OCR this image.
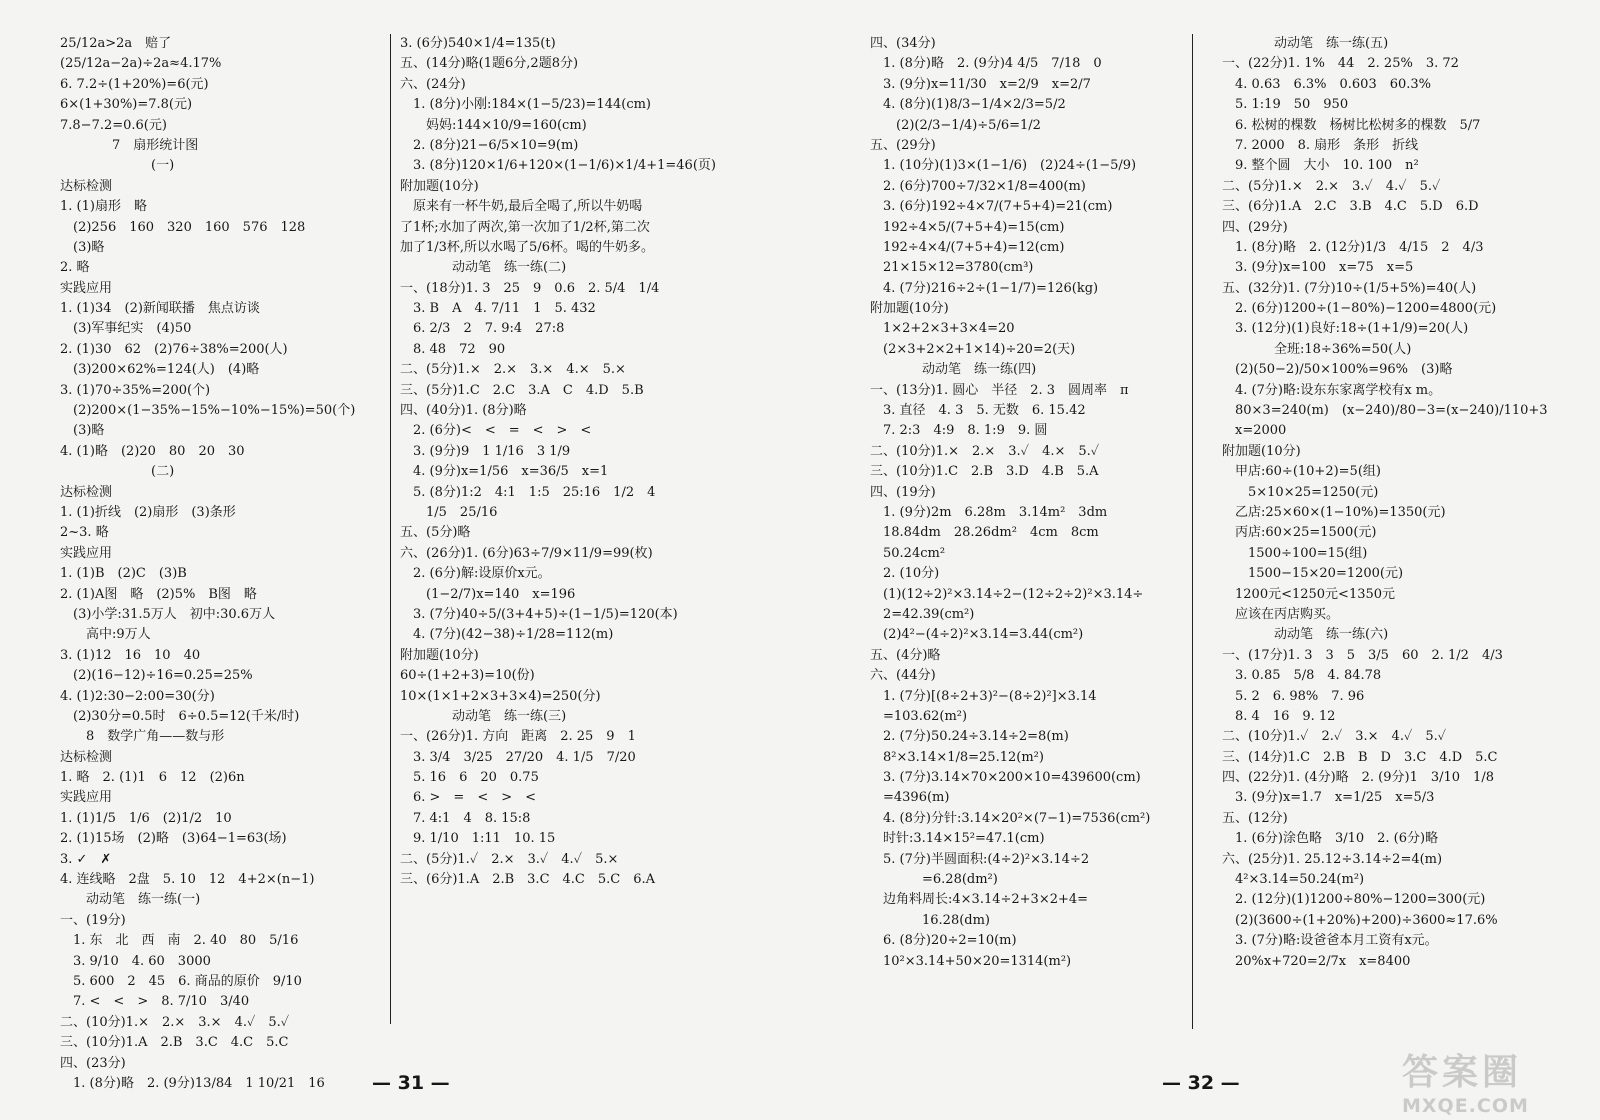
25/12a>2a　赔了
(25/12a−2a)÷2a≈4.17%
6. 7.2÷(1+20%)=6(元)
6×(1+30%)=7.8(元)
7.8−7.2=0.6(元)
　　　　7　扇形统计图
　　　　　　　(一)
达标检测
1. (1)扇形　略
　(2)256　160　320　160　576　128
　(3)略
2. 略
实践应用
1. (1)34　(2)新闻联播　焦点访谈
　(3)军事纪实　(4)50
2. (1)30　62　(2)76÷38%=200(人)
　(3)200×62%=124(人)　(4)略
3. (1)70÷35%=200(个)
　(2)200×(1−35%−15%−10%−15%)=50(个)
　(3)略
4. (1)略　(2)20　80　20　30
　　　　　　　(二)
达标检测
1. (1)折线　(2)扇形　(3)条形
2~3. 略
实践应用
1. (1)B　(2)C　(3)B
2. (1)A图　略　(2)5%　B图　略
　(3)小学:31.5万人　初中:30.6万人
　　高中:9万人
3. (1)12　16　10　40
　(2)(16−12)÷16=0.25=25%
4. (1)2:30−2:00=30(分)
　(2)30分=0.5时　6÷0.5=12(千米/时)
　　8　数学广角——数与形
达标检测
1. 略　2. (1)1　6　12　(2)6n
实践应用
1. (1)1/5　1/6　(2)1/2　10
2. (1)15场　(2)略　(3)64−1=63(场)
3. ✓　✗
4. 连线略　2盘　5. 10　12　4+2×(n−1)
　　动动笔　练一练(一)
一、(19分)
　1. 东　北　西　南　2. 40　80　5/16
　3. 9/10　4. 60　3000
　5. 600　2　45　6. 商品的原价　9/10
　7. <　<　>　8. 7/10　3/40
二、(10分)1.×　2.×　3.×　4.✓　5.✓
三、(10分)1.A　2.B　3.C　4.C　5.C
四、(23分)
　1. (8分)略　2. (9分)13/84　1 10/21　16
3. (6分)540×1/4=135(t)
五、(14分)略(1题6分,2题8分)
六、(24分)
　1. (8分)小刚:184×(1−5/23)=144(cm)
　　妈妈:144×10/9=160(cm)
　2. (8分)21−6/5×10=9(m)
　3. (8分)120×1/6+120×(1−1/6)×1/4+1=46(页)
附加题(10分)
　原来有一杯牛奶,最后全喝了,所以牛奶喝
了1杯;水加了两次,第一次加了1/2杯,第二次
加了1/3杯,所以水喝了5/6杯。喝的牛奶多。
　　　　动动笔　练一练(二)
一、(18分)1. 3　25　9　0.6　2. 5/4　1/4
　3. B　A　4. 7/11　1　5. 432
　6. 2/3　2　7. 9:4　27:8
　8. 48　72　90
二、(5分)1.×　2.×　3.×　4.×　5.×
三、(5分)1.C　2.C　3.A　C　4.D　5.B
四、(40分)1. (8分)略
　2. (6分)<　<　=　<　>　<
　3. (9分)9　1 1/16　3 1/9
　4. (9分)x=1/56　x=36/5　x=1
　5. (8分)1:2　4:1　1:5　25:16　1/2　4
　　1/5　25/16
五、(5分)略
六、(26分)1. (6分)63÷7/9×11/9=99(枚)
　2. (6分)解:设原价x元。
　　(1−2/7)x=140　x=196
　3. (7分)40÷5/(3+4+5)÷(1−1/5)=120(本)
　4. (7分)(42−38)÷1/28=112(m)
附加题(10分)
60÷(1+2+3)=10(份)
10×(1×1+2×3+3×4)=250(分)
　　　　动动笔　练一练(三)
一、(26分)1. 方向　距离　2. 25　9　1
　3. 3/4　3/25　27/20　4. 1/5　7/20
　5. 16　6　20　0.75
　6. >　=　<　>　<
　7. 4:1　4　8. 15:8
　9. 1/10　1:11　10. 15
二、(5分)1.✓　2.×　3.✓　4.✓　5.×
三、(6分)1.A　2.B　3.C　4.C　5.C　6.A
— 31 —
四、(34分)
　1. (8分)略　2. (9分)4 4/5　7/18　0
　3. (9分)x=11/30　x=2/9　x=2/7
　4. (8分)(1)8/3−1/4×2/3=5/2
　　(2)(2/3−1/4)÷5/6=1/2
五、(29分)
　1. (10分)(1)3×(1−1/6)　(2)24÷(1−5/9)
　2. (6分)700÷7/32×1/8=400(m)
　3. (6分)192÷4×7/(7+5+4)=21(cm)
　192÷4×5/(7+5+4)=15(cm)
　192÷4×4/(7+5+4)=12(cm)
　21×15×12=3780(cm³)
　4. (7分)216÷2÷(1−1/7)=126(kg)
附加题(10分)
　1×2+2×3+3×4=20
　(2×3+2×2+1×14)÷20=2(天)
　　　　动动笔　练一练(四)
一、(13分)1. 圆心　半径　2. 3　圆周率　π
　3. 直径　4. 3　5. 无数　6. 15.42
　7. 2:3　4:9　8. 1:9　9. 圆
二、(10分)1.×　2.×　3.✓　4.×　5.✓
三、(10分)1.C　2.B　3.D　4.B　5.A
四、(19分)
　1. (9分)2m　6.28m　3.14m²　3dm
　18.84dm　28.26dm²　4cm　8cm
　50.24cm²
　2. (10分)
　(1)(12÷2)²×3.14÷2−(12÷2÷2)²×3.14÷
　2=42.39(cm²)
　(2)4²−(4÷2)²×3.14=3.44(cm²)
五、(4分)略
六、(44分)
　1. (7分)[(8÷2+3)²−(8÷2)²]×3.14
　=103.62(m²)
　2. (7分)50.24÷3.14÷2=8(m)
　8²×3.14×1/8=25.12(m²)
　3. (7分)3.14×70×200×10=439600(cm)
　=4396(m)
　4. (8分)分针:3.14×20²×(7−1)=7536(cm²)
　时针:3.14×15²=47.1(cm)
　5. (7分)半圆面积:(4÷2)²×3.14÷2
　　　　=6.28(dm²)
　边角料周长:4×3.14÷2+3×2+4=
　　　　16.28(dm)
　6. (8分)20÷2=10(m)
　10²×3.14+50×20=1314(m²)
　　　　动动笔　练一练(五)
一、(22分)1. 1%　44　2. 25%　3. 72
　4. 0.63　6.3%　0.603　60.3%
　5. 1:19　50　950
　6. 松树的棵数　杨树比松树多的棵数　5/7
　7. 2000　8. 扇形　条形　折线
　9. 整个圆　大小　10. 100　n²
二、(5分)1.×　2.×　3.✓　4.✓　5.✓
三、(6分)1.A　2.C　3.B　4.C　5.D　6.D
四、(29分)
　1. (8分)略　2. (12分)1/3　4/15　2　4/3
　3. (9分)x=100　x=75　x=5
五、(32分)1. (7分)10÷(1/5+5%)=40(人)
　2. (6分)1200÷(1−80%)−1200=4800(元)
　3. (12分)(1)良好:18÷(1+1/9)=20(人)
　　　　全班:18÷36%=50(人)
　(2)(50−2)/50×100%=96%　(3)略
　4. (7分)略:设东东家离学校有x m。
　80×3=240(m)　(x−240)/80−3=(x−240)/110+3
　x=2000
附加题(10分)
　甲店:60÷(10+2)=5(组)
　　5×10×25=1250(元)
　乙店:25×60×(1−10%)=1350(元)
　丙店:60×25=1500(元)
　　1500÷100=15(组)
　　1500−15×20=1200(元)
　1200元<1250元<1350元
　应该在丙店购买。
　　　　动动笔　练一练(六)
一、(17分)1. 3　3　5　3/5　60　2. 1/2　4/3
　3. 0.85　5/8　4. 84.78
　5. 2　6. 98%　7. 96
　8. 4　16　9. 12
二、(10分)1.✓　2.✓　3.×　4.✓　5.✓
三、(14分)1.C　2.B　B　D　3.C　4.D　5.C
四、(22分)1. (4分)略　2. (9分)1　3/10　1/8
　3. (9分)x=1.7　x=1/25　x=5/3
五、(12分)
　1. (6分)涂色略　3/10　2. (6分)略
六、(25分)1. 25.12÷3.14÷2=4(m)
　4²×3.14=50.24(m²)
　2. (12分)(1)1200÷80%−1200=300(元)
　(2)(3600÷(1+20%)+200)÷3600≈17.6%
　3. (7分)略:设爸爸本月工资有x元。
　20%x+720=2/7x　x=8400
— 32 —	答案圈
MXQE.COM
